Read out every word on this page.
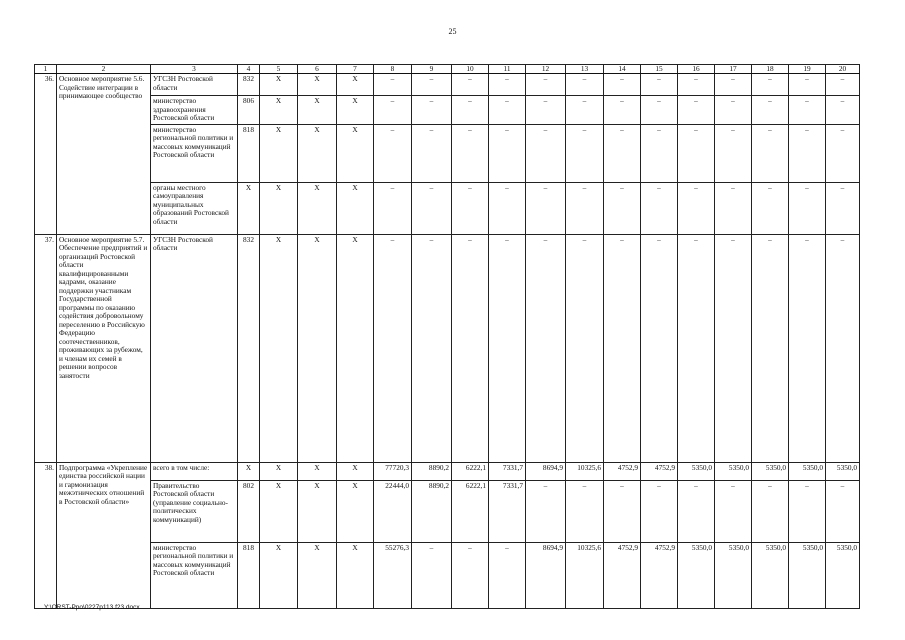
25
1	2	3	4	5	6	7	8	9	10	11	12	13	14	15	16	17	18	19	20
36.	Основное мероприятие 5.6. Содействие интеграции в принимающее сообщество	УГСЗН Ростовской области	832	Х	Х	Х	–	–	–	–	–	–	–	–	–	–	–	–	–
		министерство здравоохранения Ростовской области	806	Х	Х	Х	–	–	–	–	–	–	–	–	–	–	–	–	–
		министерство региональной политики и массовых коммуникаций Ростовской области	818	Х	Х	Х	–	–	–	–	–	–	–	–	–	–	–	–	–
		органы местного самоуправления муниципальных образований Ростовской области	Х	Х	Х	Х	–	–	–	–	–	–	–	–	–	–	–	–	–
37.	Основное мероприятие 5.7. Обеспечение предприятий и организаций Ростовской области квалифицированными кадрами, оказание поддержки участникам Государственной программы по оказанию содействия добровольному переселению в Российскую Федерацию соотечественников, проживающих за рубежом, и членам их семей в решении вопросов занятости	УГСЗН Ростовской области	832	Х	Х	Х	–	–	–	–	–	–	–	–	–	–	–	–	–
38.	Подпрограмма «Укрепление единства российской нации и гармонизация межэтнических отношений в Ростовской области»	всего в том числе:	Х	Х	Х	Х	77720,3	8890,2	6222,1	7331,7	8694,9	10325,6	4752,9	4752,9	5350,0	5350,0	5350,0	5350,0	5350,0
		Правительство Ростовской области (управление социально-политических коммуникаций)	802	Х	Х	Х	22444,0	8890,2	6222,1	7331,7	–	–	–	–	–	–	–	–	–
		министерство региональной политики и массовых коммуникаций Ростовской области	818	Х	Х	Х	55276,3	–	–	–	8694,9	10325,6	4752,9	4752,9	5350,0	5350,0	5350,0	5350,0	5350,0
Y:\ORST-Ppo\0227p113.f23.docx
